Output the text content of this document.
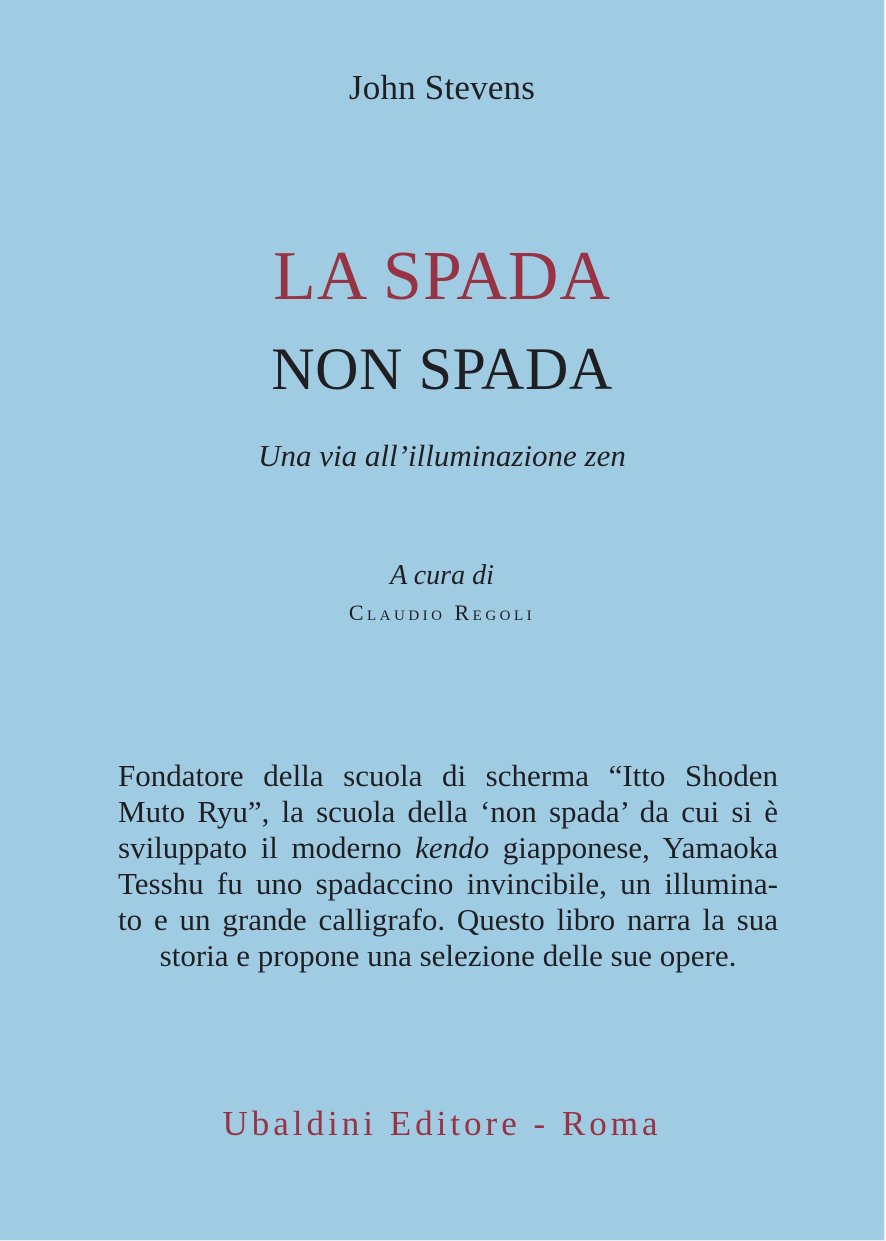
John Stevens
LA SPADA
NON SPADA
Una via all’illuminazione zen
A cura di
Claudio Regoli
Fondatore della scuola di scherma “Itto Shoden
Muto Ryu”, la scuola della ‘non spada’ da cui si è
sviluppato il moderno kendo giapponese, Yamaoka
Tesshu fu uno spadaccino invincibile, un illumina-
to e un grande calligrafo. Questo libro narra la sua
storia e propone una selezione delle sue opere.
Ubaldini Editore - Roma
